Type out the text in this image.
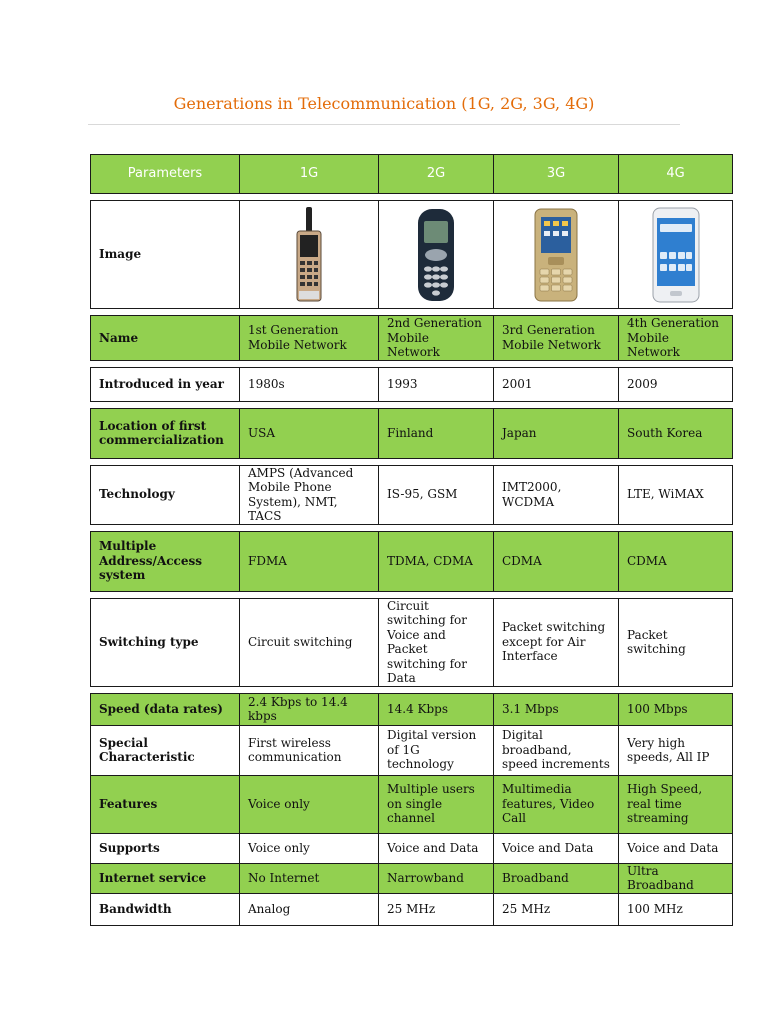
Generations in Telecommunication (1G, 2G, 3G, 4G)
Parameters	1G	2G	3G	4G

Image	

Name	1st Generation Mobile Network	2nd Generation Mobile Network	3rd Generation Mobile Network	4th Generation Mobile Network

Introduced in year	1980s	1993	2001	2009

Location of first commercialization	USA	Finland	Japan	South Korea

Technology	AMPS (Advanced Mobile Phone System), NMT, TACS	IS-95, GSM	IMT2000, WCDMA	LTE, WiMAX

Multiple Address/Access system	FDMA	TDMA, CDMA	CDMA	CDMA

Switching type	Circuit switching	Circuit switching for Voice and Packet switching for Data	Packet switching except for Air Interface	Packet switching

Speed (data rates)	2.4 Kbps to 14.4 kbps	14.4 Kbps	3.1 Mbps	100 Mbps
Special Characteristic	First wireless communication	Digital version of 1G technology	Digital broadband, speed increments	Very high speeds, All IP
Features	Voice only	Multiple users on single channel	Multimedia features, Video Call	High Speed, real time streaming
Supports	Voice only	Voice and Data	Voice and Data	Voice and Data
Internet service	No Internet	Narrowband	Broadband	Ultra Broadband
Bandwidth	Analog	25 MHz	25 MHz	100 MHz
